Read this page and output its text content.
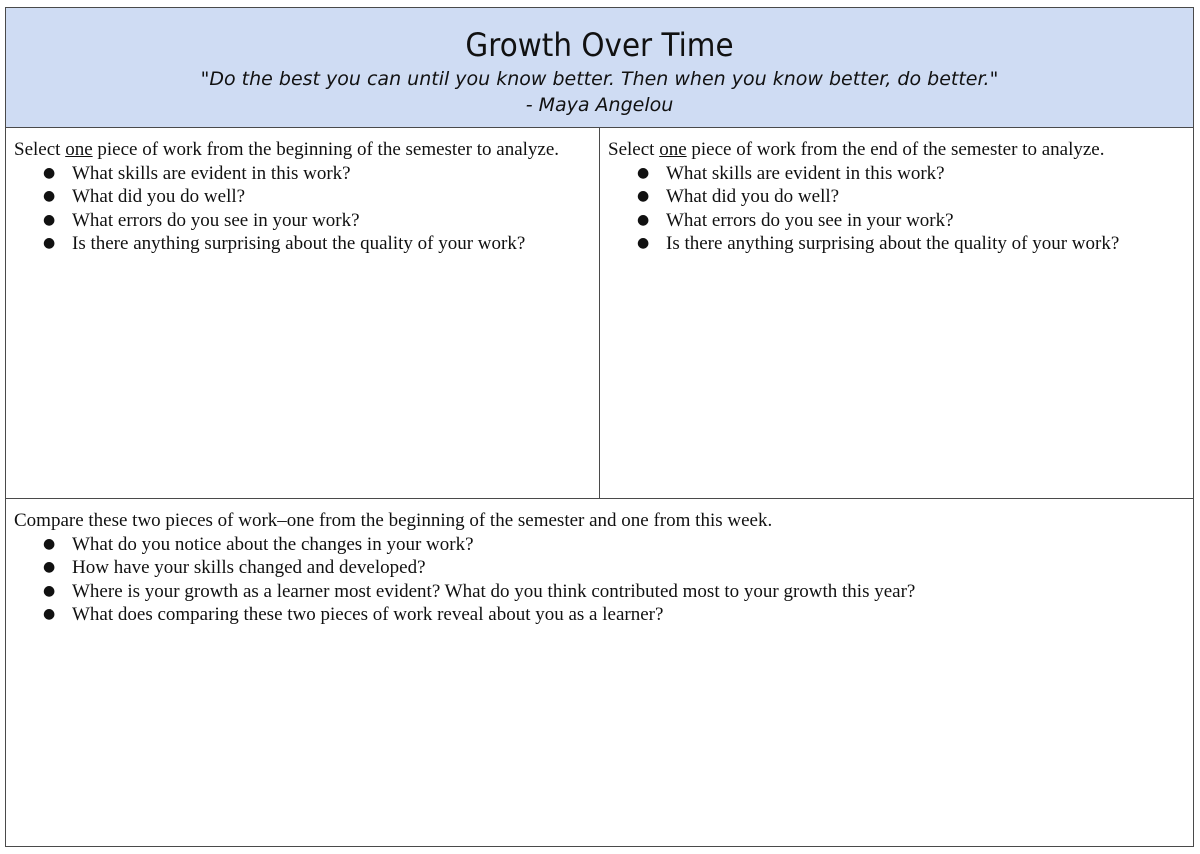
Growth Over Time
"Do the best you can until you know better. Then when you know better, do better."
- Maya Angelou
Select one piece of work from the beginning of the semester to analyze.
● What skills are evident in this work?
● What did you do well?
● What errors do you see in your work?
● Is there anything surprising about the quality of your work?
Select one piece of work from the end of the semester to analyze.
● What skills are evident in this work?
● What did you do well?
● What errors do you see in your work?
● Is there anything surprising about the quality of your work?
Compare these two pieces of work–one from the beginning of the semester and one from this week.
● What do you notice about the changes in your work?
● How have your skills changed and developed?
● Where is your growth as a learner most evident? What do you think contributed most to your growth this year?
● What does comparing these two pieces of work reveal about you as a learner?
